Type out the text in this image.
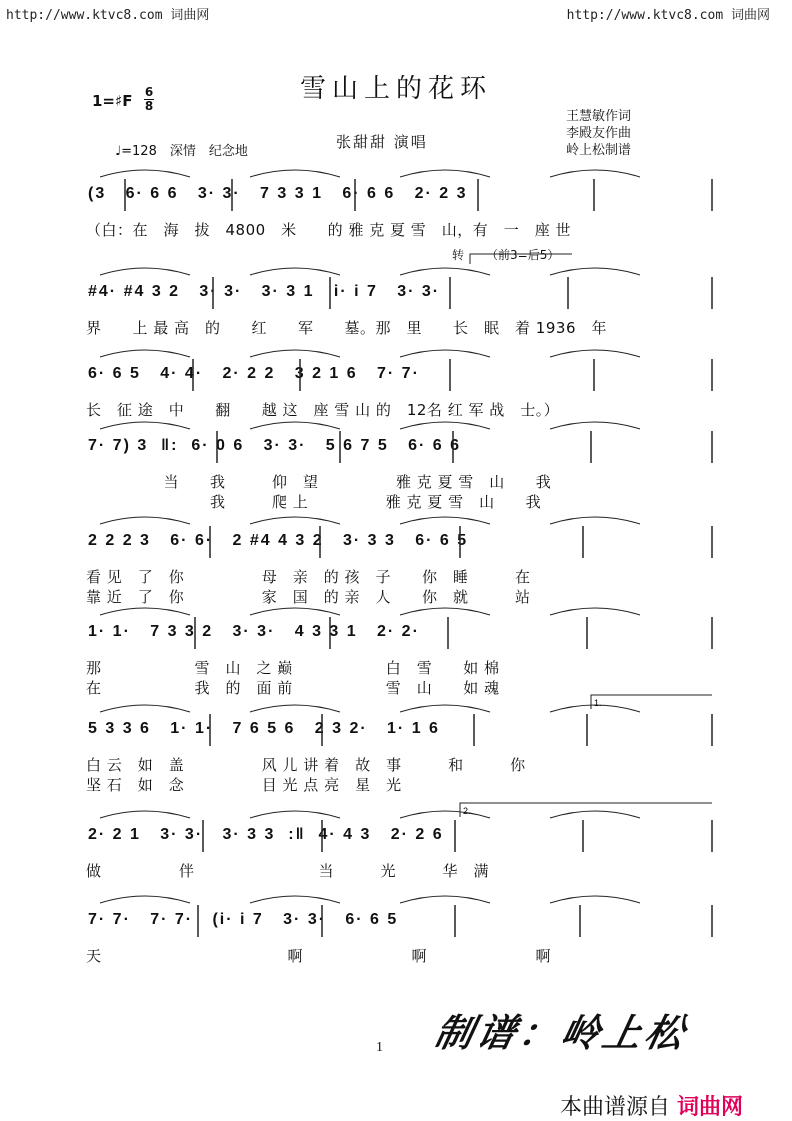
http://www.ktvc8.com 词曲网	http://www.ktvc8.com 词曲网
雪山上的花环
1=♯F 6
8
♩=128　深情　纪念地
张甜甜 演唱
王慧敏作词
李殿友作曲
岭上松制谱
转 （前3=后5）
(3   6· 6 6   3· 3·   7 3 3 1   6· 6 6   2· 2 3
（白：在　海　拔　4800　米　　的 雅 克 夏 雪　山，有　一　座 世
#4· #4 3 2   3· 3·   3· 3 1   i· i 7   3· 3·
界　　上 最 高　的　　红　　军　　墓。那　里　　长　眠　着 1936　年
6· 6 5   4· 4·   2· 2 2   3 2 1 6   7· 7·
长　征 途　中　　翻　　越 这　座 雪 山 的　12名 红 军 战　士。）
7· 7) 3  ‖:  6· 0 6   3· 3·   5 6 7 5   6· 6 6
　　　　　当　　我　　　仰　望　　　　　雅 克 夏 雪　山　　我
　　　　　　　　我　　　爬 上　　　　　雅 克 夏 雪　山　　我
2 2 2 3   6· 6·   2 #4 4 3 2   3· 3 3   6· 6 5
看 见　了　你　　　　　母　亲　的 孩　子　　你　睡　　　在
靠 近　了　你　　　　　家　国　的 亲　人　　你　就　　　站
1· 1·   7 3 3 2   3· 3·   4 3 3 1   2· 2·
那　　　　　　雪　山　之 巅　　　　　　白　雪　　如 棉
在　　　　　　我　的　面 前　　　　　　雪　山　　如 魂
5 3 3 6   1· 1·   7 6 5 6   2 3 2·   1· 1 6
白 云　如　盖　　　　　风 儿 讲 着　故　事　　　和　　　你
坚 石　如　念　　　　　目 光 点 亮　星　光
2· 2 1   3· 3·   3· 3 3  :‖  4· 4 3   2· 2 6
做　　　　　伴　　　　　　　　当　　　光　　　华　满
7· 7·   7· 7·   (i· i 7   3· 3·   6· 6 5
天　　　　　　　　　　　　啊　　　　　　　啊　　　　　　　啊
1.
2.
制谱：岭上松
1
本曲谱源自 词曲网
